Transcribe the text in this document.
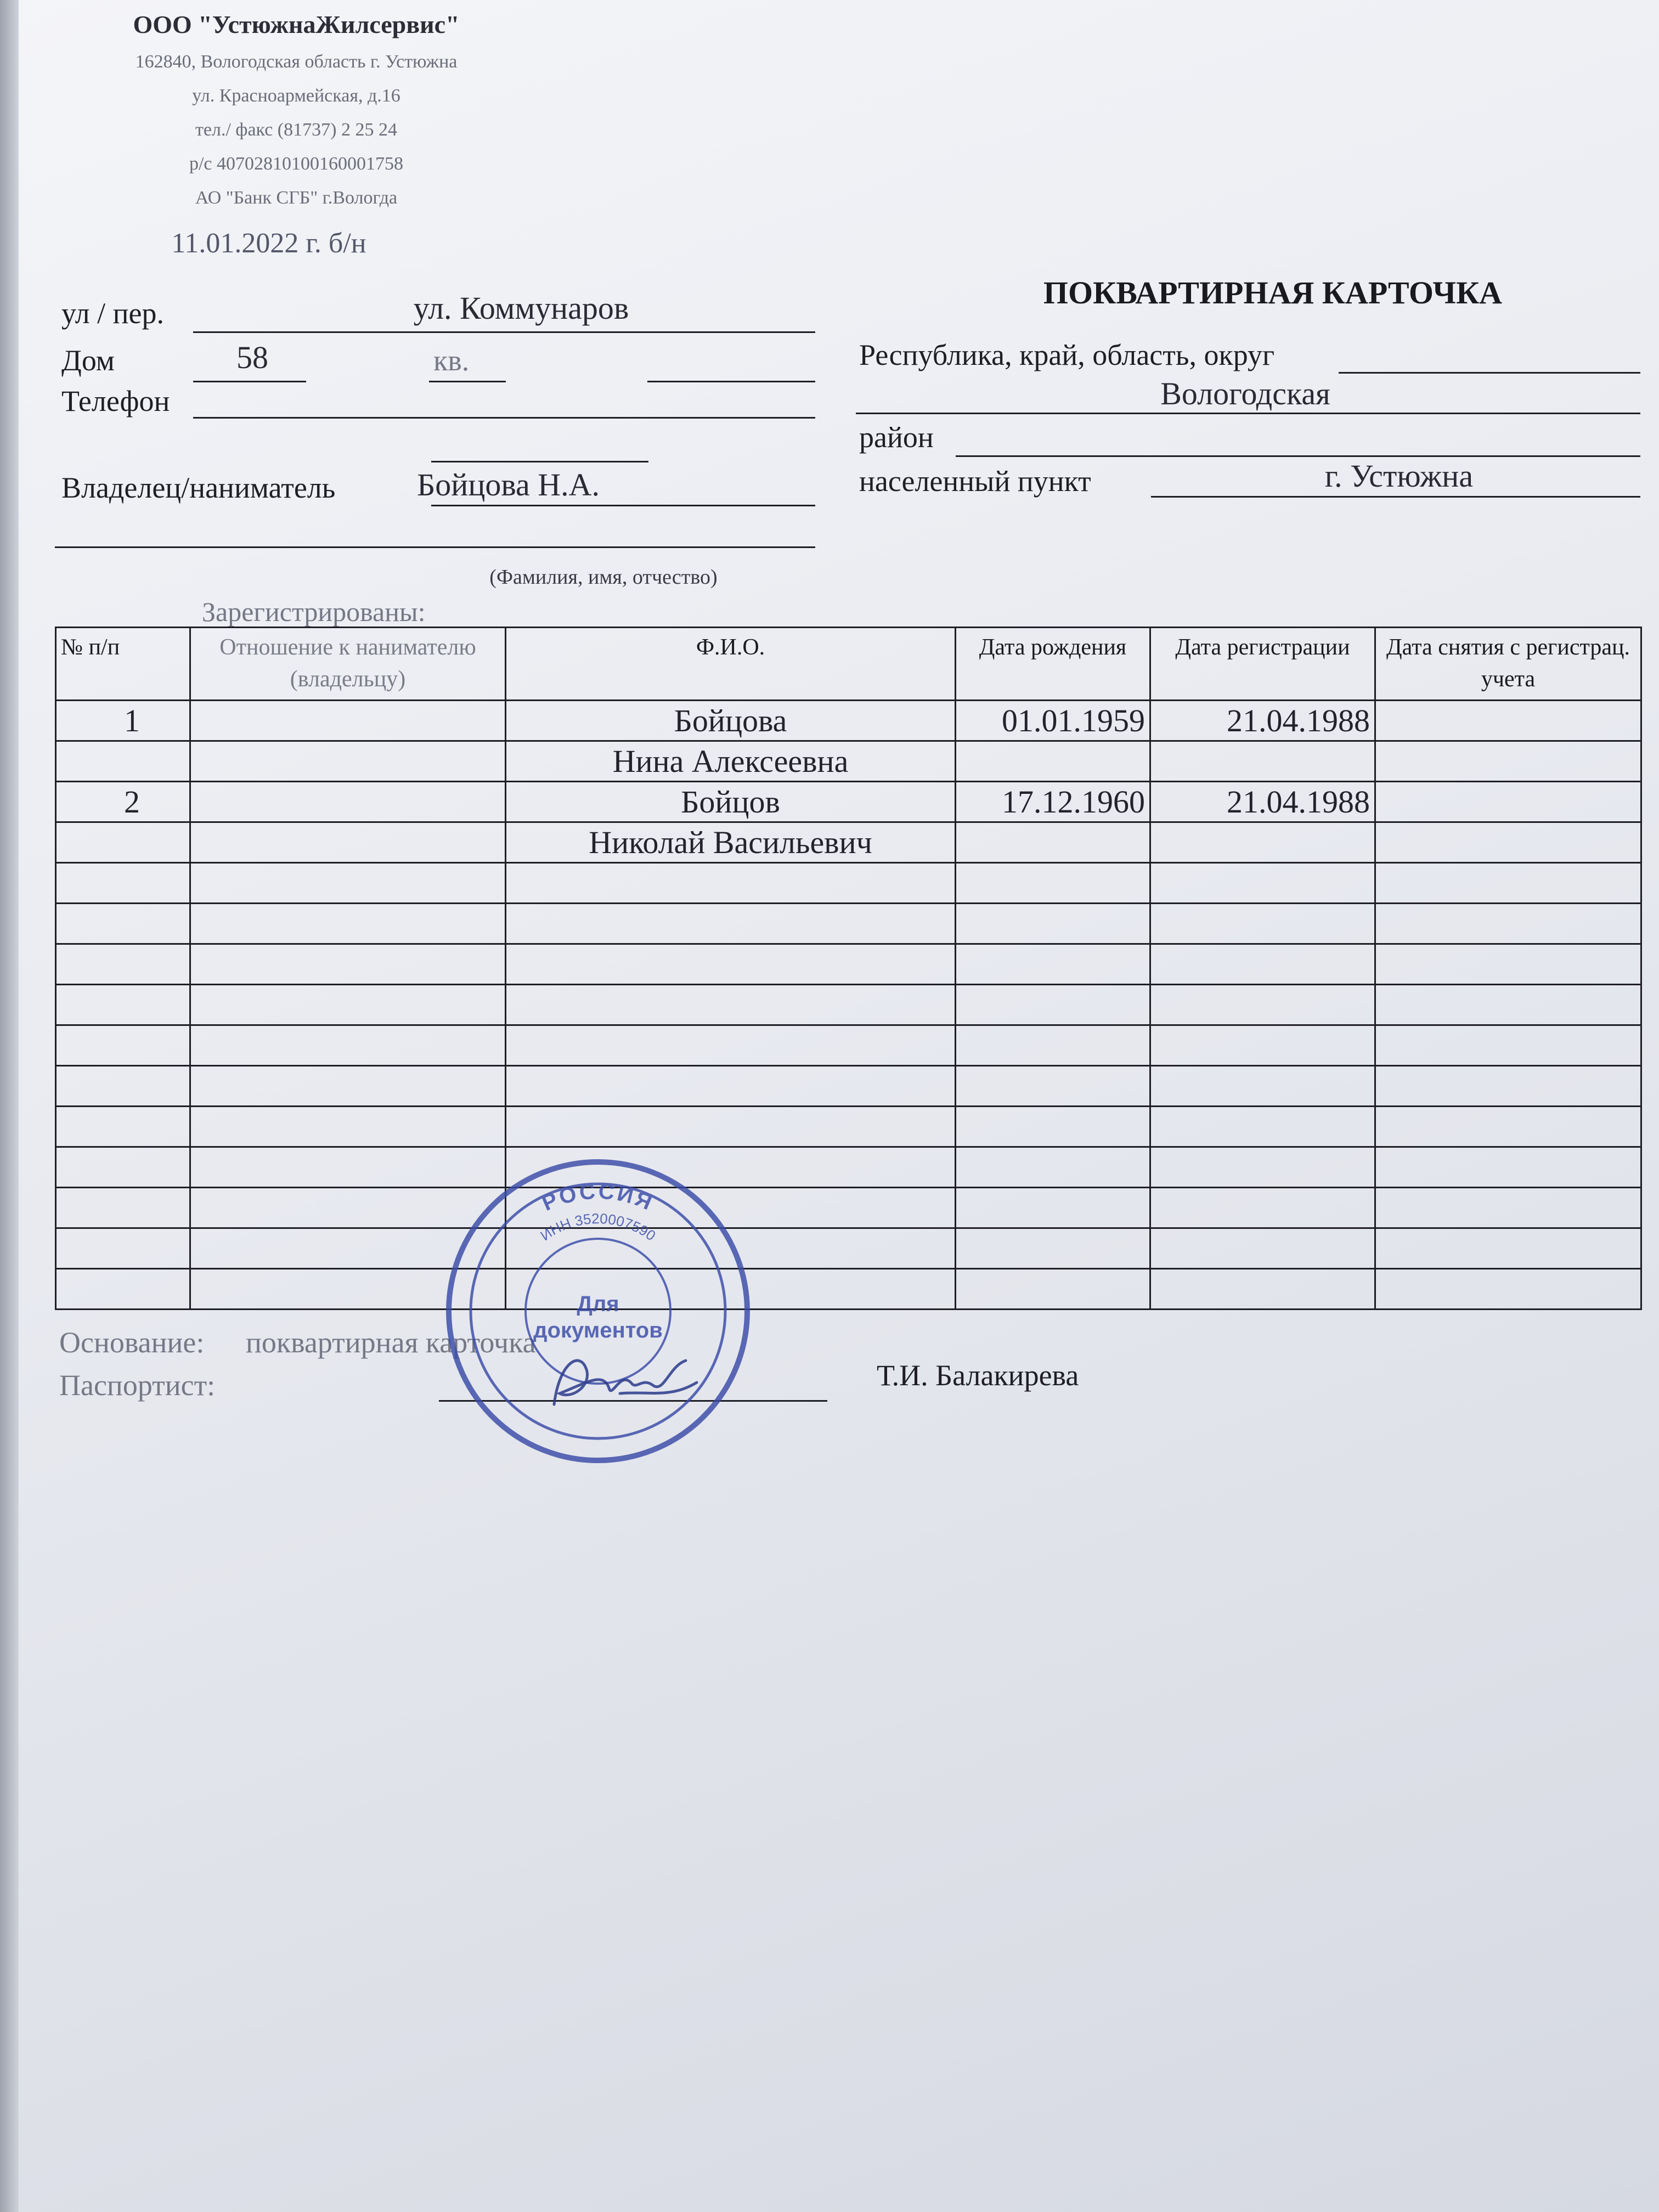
ООО "УстюжнаЖилсервис"
162840, Вологодская область г. Устюжна
ул. Красноармейская, д.16
тел./ факс (81737) 2 25 24
р/с 40702810100160001758
АО "Банк СГБ" г.Вологда
11.01.2022 г. б/н
ПОКВАРТИРНАЯ КАРТОЧКА
ул / пер.	ул. Коммунаров
Дом	58	кв.
Телефон
Владелец/наниматель	Бойцова Н.А.
(Фамилия, имя, отчество)
Республика, край, область, округ
Вологодская
район
населенный пункт	г. Устюжна
Зарегистрированы:
№ п/п	Отношение к нанимателю (владельцу)	Ф.И.О.	Дата рождения	Дата регистрации	Дата снятия с регистрац. учета
1		Бойцова	01.01.1959	21.04.1988	
		Нина Алексеевна			
2		Бойцов	17.12.1960	21.04.1988	
		Николай Васильевич			

Основание: поквартирная карточка
Паспортист:	Т.И. Балакирева
РОССИЯ
ИНН 3520007590
Для
документов
